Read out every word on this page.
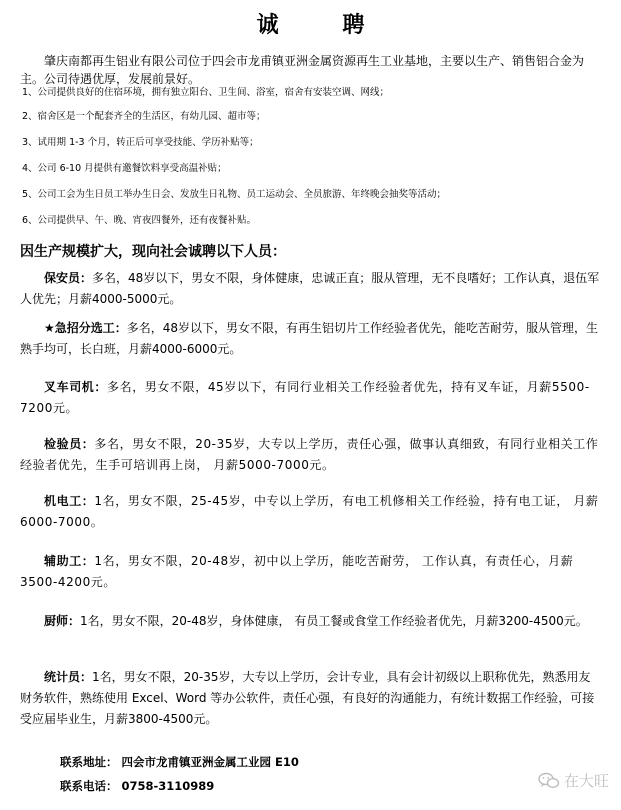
诚 聘
肇庆南都再生铝业有限公司位于四会市龙甫镇亚洲金属资源再生工业基地，主要以生产、销售铝合金为主。公司待遇优厚，发展前景好。
1、公司提供良好的住宿环境，拥有独立阳台、卫生间、浴室，宿舍有安装空调、网线；
2、宿舍区是一个配套齐全的生活区，有幼儿园、超市等；
3、试用期 1-3 个月，转正后可享受技能、学历补贴等；
4、公司 6-10 月提供有邀餐饮料享受高温补贴；
5、公司工会为生日员工举办生日会、发放生日礼物、员工运动会、全员旅游、年终晚会抽奖等活动；
6、公司提供早、午、晚、宵夜四餐外，还有夜餐补贴。
因生产规模扩大，现向社会诚聘以下人员：
保安员：多名，48岁以下，男女不限，身体健康，忠诚正直；服从管理，无不良嗜好；工作认真，退伍军人优先；月薪4000-5000元。
★急招分选工：多名，48岁以下，男女不限，有再生铝切片工作经验者优先，能吃苦耐劳，服从管理，生熟手均可，长白班，月薪4000-6000元。
叉车司机：多名，男女不限，45岁以下，有同行业相关工作经验者优先，持有叉车证，月薪5500-7200元。
检验员：多名，男女不限，20-35岁，大专以上学历，责任心强，做事认真细致，有同行业相关工作经验者优先，生手可培训再上岗， 月薪5000-7000元。
机电工：1名，男女不限，25-45岁，中专以上学历，有电工机修相关工作经验，持有电工证， 月薪6000-7000。
辅助工：1名，男女不限，20-48岁，初中以上学历，能吃苦耐劳， 工作认真，有责任心，月薪3500-4200元。
厨师：1名，男女不限，20-48岁，身体健康， 有员工餐或食堂工作经验者优先，月薪3200-4500元。
统计员：1名，男女不限，20-35岁，大专以上学历，会计专业，具有会计初级以上职称优先，熟悉用友财务软件，熟练使用 Excel、Word 等办公软件，责任心强，有良好的沟通能力，有统计数据工作经验，可接受应届毕业生，月薪3800-4500元。
联系地址： 四会市龙甫镇亚洲金属工业园 E10
联系电话： 0758-3110989	在大旺
